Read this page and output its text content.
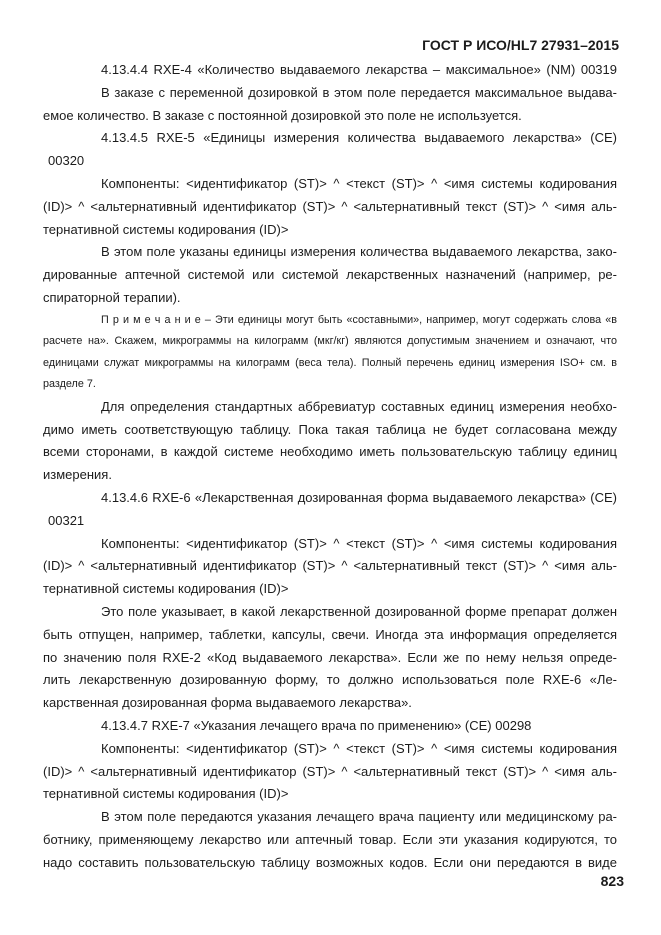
ГОСТ Р ИСО/HL7 27931–2015
4.13.4.4 RXE-4 «Количество выдаваемого лекарства – максимальное» (NM) 00319
В заказе с переменной дозировкой в этом поле передается максимальное выдава-
емое количество. В заказе с постоянной дозировкой это поле не используется.
4.13.4.5 RXE-5 «Единицы измерения количества выдаваемого лекарства» (CE)
00320
Компоненты: <идентификатор (ST)> ^ <текст (ST)> ^ <имя системы кодирования
(ID)> ^ <альтернативный идентификатор (ST)> ^ <альтернативный текст (ST)> ^ <имя аль-
тернативной системы кодирования (ID)>
В этом поле указаны единицы измерения количества выдаваемого лекарства, зако-
дированные аптечной системой или системой лекарственных назначений (например, ре-
спираторной терапии).
П р и м е ч а н и е – Эти единицы могут быть «составными», например, могут содержать слова «в
расчете на». Скажем, микрограммы на килограмм (мкг/кг) являются допустимым значением и означают, что
единицами служат микрограммы на килограмм (веса тела). Полный перечень единиц измерения ISO+ см. в
разделе 7.
Для определения стандартных аббревиатур составных единиц измерения необхо-
димо иметь соответствующую таблицу. Пока такая таблица не будет согласована между
всеми сторонами, в каждой системе необходимо иметь пользовательскую таблицу единиц
измерения.
4.13.4.6 RXE-6 «Лекарственная дозированная форма выдаваемого лекарства» (CE)
00321
Компоненты: <идентификатор (ST)> ^ <текст (ST)> ^ <имя системы кодирования
(ID)> ^ <альтернативный идентификатор (ST)> ^ <альтернативный текст (ST)> ^ <имя аль-
тернативной системы кодирования (ID)>
Это поле указывает, в какой лекарственной дозированной форме препарат должен
быть отпущен, например, таблетки, капсулы, свечи. Иногда эта информация определяется
по значению поля RXE-2 «Код выдаваемого лекарства». Если же по нему нельзя опреде-
лить лекарственную дозированную форму, то должно использоваться поле RXE-6 «Ле-
карственная дозированная форма выдаваемого лекарства».
4.13.4.7 RXE-7 «Указания лечащего врача по применению» (CE) 00298
Компоненты: <идентификатор (ST)> ^ <текст (ST)> ^ <имя системы кодирования
(ID)> ^ <альтернативный идентификатор (ST)> ^ <альтернативный текст (ST)> ^ <имя аль-
тернативной системы кодирования (ID)>
В этом поле передаются указания лечащего врача пациенту или медицинскому ра-
ботнику, применяющему лекарство или аптечный товар. Если эти указания кодируются, то
надо составить пользовательскую таблицу возможных кодов. Если они передаются в виде
823
